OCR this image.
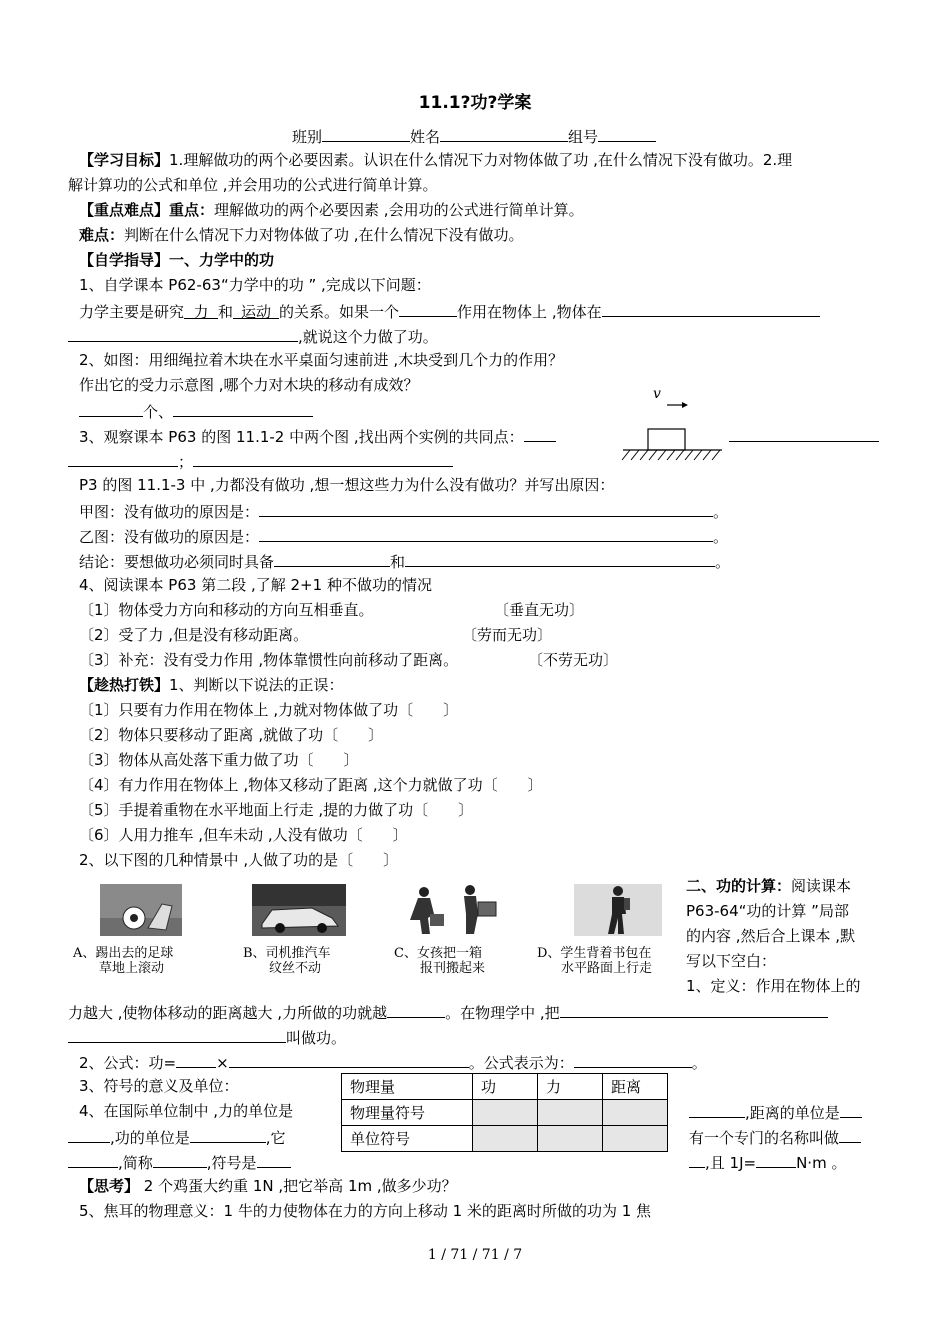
11.1?功?学案
班别	姓名	组号
【学习目标】1.理解做功的两个必要因素。认识在什么情况下力对物体做了功 ,在什么情况下没有做功。2.理
解计算功的公式和单位 ,并会用功的公式进行简单计算。
【重点难点】重点：理解做功的两个必要因素 ,会用功的公式进行简单计算。
难点：判断在什么情况下力对物体做了功 ,在什么情况下没有做功。
【自学指导】一、力学中的功
1、自学课本 P62-63“力学中的功 ” ,完成以下问题：
力学主要是研究 力 和 运动 的关系。如果一个	作用在物体上 ,物体在
,就说这个力做了功。
2、如图：用细绳拉着木块在水平桌面匀速前进 ,木块受到几个力的作用？
作出它的受力示意图 ,哪个力对木块的移动有成效？
个、
v
3、观察课本 P63 的图 11.1-2 中两个图 ,找出两个实例的共同点：
；
P3 的图 11.1-3 中 ,力都没有做功 ,想一想这些力为什么没有做功？并写出原因：
甲图：没有做功的原因是：	。
乙图：没有做功的原因是：	。
结论：要想做功必须同时具备	和	。
4、阅读课本 P63 第二段 ,了解 2+1 种不做功的情况
〔1〕物体受力方向和移动的方向互相垂直。	〔垂直无功〕
〔2〕受了力 ,但是没有移动距离。	〔劳而无功〕
〔3〕补充：没有受力作用 ,物体靠惯性向前移动了距离。	〔不劳无功〕
【趁热打铁】1、判断以下说法的正误：
〔1〕只要有力作用在物体上 ,力就对物体做了功〔　　〕
〔2〕物体只要移动了距离 ,就做了功〔　　〕
〔3〕物体从高处落下重力做了功〔　　〕
〔4〕有力作用在物体上 ,物体又移动了距离 ,这个力就做了功〔　　〕
〔5〕手提着重物在水平地面上行走 ,提的力做了功〔　　〕
〔6〕人用力推车 ,但车未动 ,人没有做功〔　　〕
2、以下图的几种情景中 ,人做了功的是〔　　〕
A、踢出去的足球
草地上滚动
B、司机推汽车
纹丝不动
C、女孩把一箱
报刊搬起来
D、学生背着书包在
水平路面上行走
二、功的计算：阅读课本
P63-64“功的计算 ”局部
的内容 ,然后合上课本 ,默
写以下空白：
1、定义：作用在物体上的
力越大 ,使物体移动的距离越大 ,力所做的功就越	。在物理学中 ,把
叫做功。
2、公式：功=	×	。公式表示为：	。
3、符号的意义及单位：	物理量	功	力	距离
物理量符号			
单位符号			
4、在国际单位制中 ,力的单位是
,功的单位是	,它
,简称	,符号是
,距离的单位是
有一个专门的名称叫做
,且 1J=	N·m 。
【思考】 2 个鸡蛋大约重 1N ,把它举高 1m ,做多少功？
5、焦耳的物理意义：1 牛的力使物体在力的方向上移动 1 米的距离时所做的功为 1 焦
1 / 71 / 71 / 7
